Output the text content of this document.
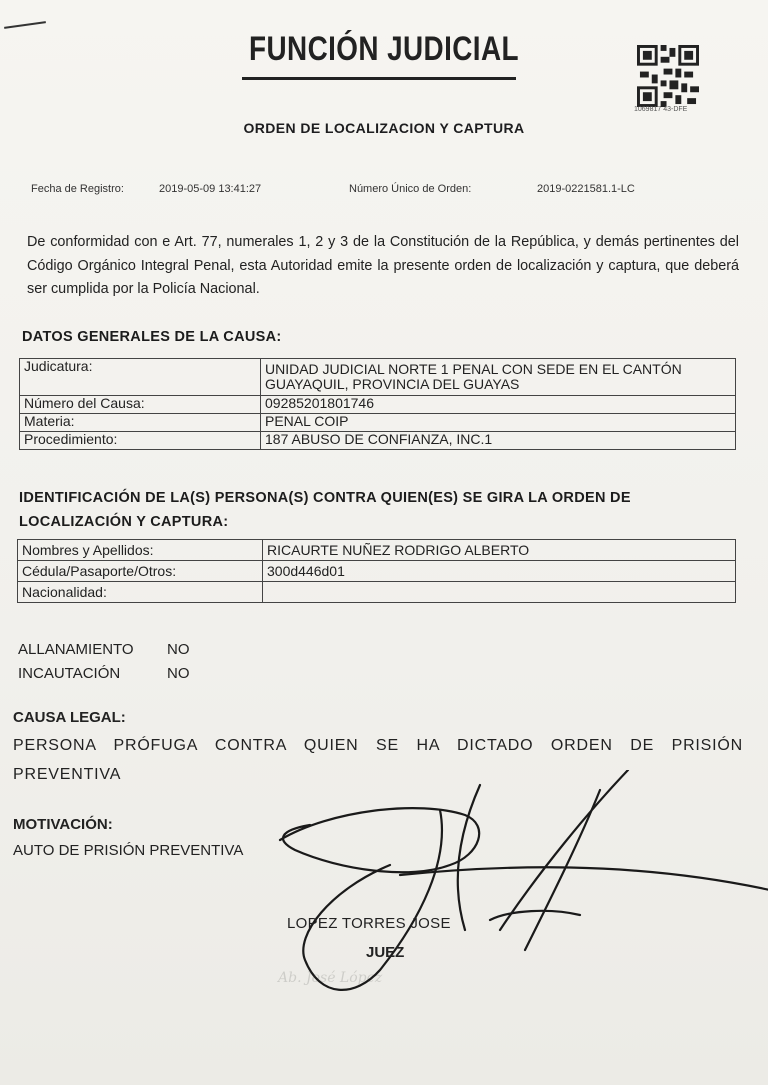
FUNCIÓN JUDICIAL
1069817 43-DFE
ORDEN DE LOCALIZACION Y CAPTURA
Fecha de Registro:	2019-05-09 13:41:27	Número Único de Orden:	2019-0221581.1-LC
De conformidad con e Art. 77, numerales 1, 2 y 3 de la Constitución de la República, y demás pertinentes del Código Orgánico Integral Penal, esta Autoridad emite la presente orden de localización y captura, que deberá ser cumplida por la Policía Nacional.
DATOS GENERALES DE LA CAUSA:
Judicatura:	UNIDAD JUDICIAL NORTE 1 PENAL CON SEDE EN EL CANTÓN GUAYAQUIL, PROVINCIA DEL GUAYAS
Número del Causa:	09285201801746
Materia:	PENAL COIP
Procedimiento:	187 ABUSO DE CONFIANZA, INC.1
IDENTIFICACIÓN DE LA(S) PERSONA(S) CONTRA QUIEN(ES) SE GIRA LA ORDEN DE LOCALIZACIÓN Y CAPTURA:
Nombres y Apellidos:	RICAURTE NUÑEZ RODRIGO ALBERTO
Cédula/Pasaporte/Otros:	300d446d01
Nacionalidad:	
ALLANAMIENTO NO
INCAUTACIÓN	NO
CAUSA LEGAL:
PERSONA PRÓFUGA CONTRA QUIEN SE HA DICTADO ORDEN DE PRISIÓN PREVENTIVA
MOTIVACIÓN:
AUTO DE PRISIÓN PREVENTIVA
LOPEZ TORRES JOSE
JUEZ
Ab. José López
